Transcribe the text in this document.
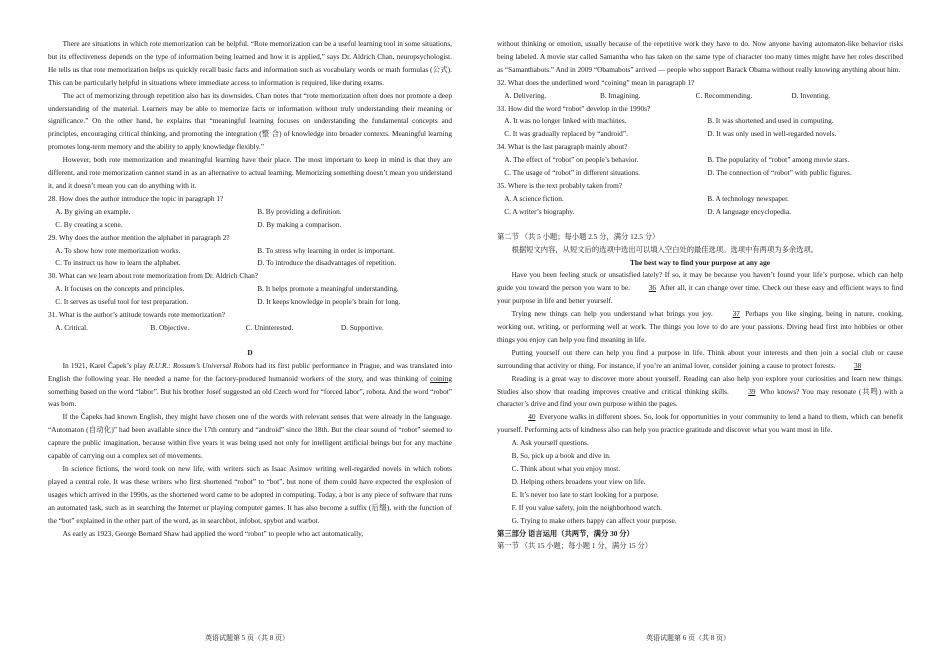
There are situations in which rote memorization can be helpful. “Rote memorization can be a useful learning tool in some situations, but its effectiveness depends on the type of information being learned and how it is applied,” says Dr. Aldrich Chan, neuropsychologist. He tells us that rote memorization helps us quickly recall basic facts and information such as vocabulary words or math formulas (公式). This can be particularly helpful in situations where immediate access to information is required, like during exams.

The act of memorizing through repetition also has its downsides. Chan notes that “rote memorization often does not promote a deep understanding of the material. Learners may be able to memorize facts or information without truly understanding their meaning or significance.” On the other hand, he explains that “meaningful learning focuses on understanding the fundamental concepts and principles, encouraging critical thinking, and promoting the integration (整 合) of knowledge into broader contexts. Meaningful learning promotes long-term memory and the ability to apply knowledge flexibly.”

However, both rote memorization and meaningful learning have their place. The most important to keep in mind is that they are different, and rote memorization cannot stand in as an alternative to actual learning. Memorizing something doesn’t mean you understand it, and it doesn’t mean you can do anything with it.

28. How does the author introduce the topic in paragraph 1?

A. By giving an example.	B. By providing a definition.
C. By creating a scene.	D. By making a comparison.

29. Why does the author mention the alphabet in paragraph 2?

A. To show how rote memorization works.	B. To stress why learning in order is important.
C. To instruct us how to learn the alphabet.	D. To introduce the disadvantages of repetition.

30. What can we learn about rote memorization from Dr. Aldrich Chan?

A. It focuses on the concepts and principles.	B. It helps promote a meaningful understanding.
C. It serves as useful tool for test preparation.	D. It keeps knowledge in people’s brain for long.

31. What is the author’s attitude towards rote memorization?

A. Critical.	B. Objective.	C. Uninterested.	D. Supportive.

D

In 1921, Karel Čapek’s play R.U.R.: Rossum’s Universal Robots had its first public performance in Prague, and was translated into English the following year. He needed a name for the factory-produced humanoid workers of the story, and was thinking of coining something based on the word “labor”. But his brother Josef suggested an old Czech word for “forced labor”, robota. And the word “robot” was born.

If the Čapeks had known English, they might have chosen one of the words with relevant senses that were already in the language. “Automaton (自动化)” had been available since the 17th century and “android” since the 18th. But the clear sound of “robot” seemed to capture the public imagination, because within five years it was being used not only for intelligent artificial beings but for any machine capable of carrying out a complex set of movements.

In science fictions, the word took on new life, with writers such as Isaac Asimov writing well-regarded novels in which robots played a central role. It was these writers who first shortened “robot” to “bot”, but none of them could have expected the explosion of usages which arrived in the 1990s, as the shortened word came to be adopted in computing. Today, a bot is any piece of software that runs an automated task, such as in searching the Internet or playing computer games. It has also become a suffix (后缀), with the function of the “bot” explained in the other part of the word, as in searchbot, infobot, spybot and warbot.

As early as 1923, George Bernard Shaw had applied the word “robot” to people who act automatically,

without thinking or emotion, usually because of the repetitive work they have to do. Now anyone having automaton-like behavior risks being labeled. A movie star called Samantha who has taken on the same type of character too many times might have her roles described as “Samanthabots.” And in 2009 “Obamabots” arrived — people who support Barack Obama without really knowing anything about him.

32. What does the underlined word “coining” mean in paragraph 1?

A. Delivering.	B. Imagining.	C. Recommending.	D. Inventing.

33. How did the word “robot” develop in the 1990s?

A. It was no longer linked with machines.	B. It was shortened and used in computing.
C. It was gradually replaced by “android”.	D. It was only used in well-regarded novels.

34. What is the last paragraph mainly about?

A. The effect of “robot” on people’s behavior.	B. The popularity of “robot” among movie stars.
C. The usage of “robot” in different situations.	D. The connection of “robot” with public figures.

35. Where is the text probably taken from?

A. A science fiction.	B. A technology newspaper.
C. A writer’s biography.	D. A language encyclopedia.

第二节 （共 5 小题；每小题 2.5 分，满分 12.5 分）

根据短文内容，从短文后的选项中选出可以填入空白处的最佳选项。选项中有两项为多余选项。

The best way to find your purpose at any age

Have you been feeling stuck or unsatisfied lately? If so, it may be because you haven’t found your life’s purpose, which can help guide you toward the person you want to be.	36 After all, it can change over time. Check out these easy and efficient ways to find your purpose in life and better yourself.

Trying new things can help you understand what brings you joy.	37 Perhaps you like singing, being in nature, cooking, working out, writing, or performing well at work. The things you love to do are your passions. Diving head first into hobbies or other things you enjoy can help you find meaning in life.

Putting yourself out there can help you find a purpose in life. Think about your interests and then join a social club or cause surrounding that activity or thing. For instance, if you’re an animal lover, consider joining a cause to protect forests.	38

Reading is a great way to discover more about yourself. Reading can also help you explore your curiosities and learn new things. Studies also show that reading improves creative and critical thinking skills.	39 Who knows? You may resonate (共鸣) with a character’s drive and find your own purpose within the pages.

40 Everyone walks in different shoes. So, look for opportunities in your community to lend a hand to them, which can benefit yourself. Performing acts of kindness also can help you practice gratitude and discover what you want most in life.

A. Ask yourself questions.

B. So, pick up a book and dive in.

C. Think about what you enjoy most.

D. Helping others broadens your view on life.

E. It’s never too late to start looking for a purpose.

F. If you value safety, join the neighborhood watch.

G. Trying to make others happy can affect your purpose.

第三部分 语言运用（共两节，满分 30 分）

第一节 （共 15 小题；每小题 1 分，满分 15 分）

英语试题第 5 页（共 8 页）	英语试题第 6 页（共 8 页）
